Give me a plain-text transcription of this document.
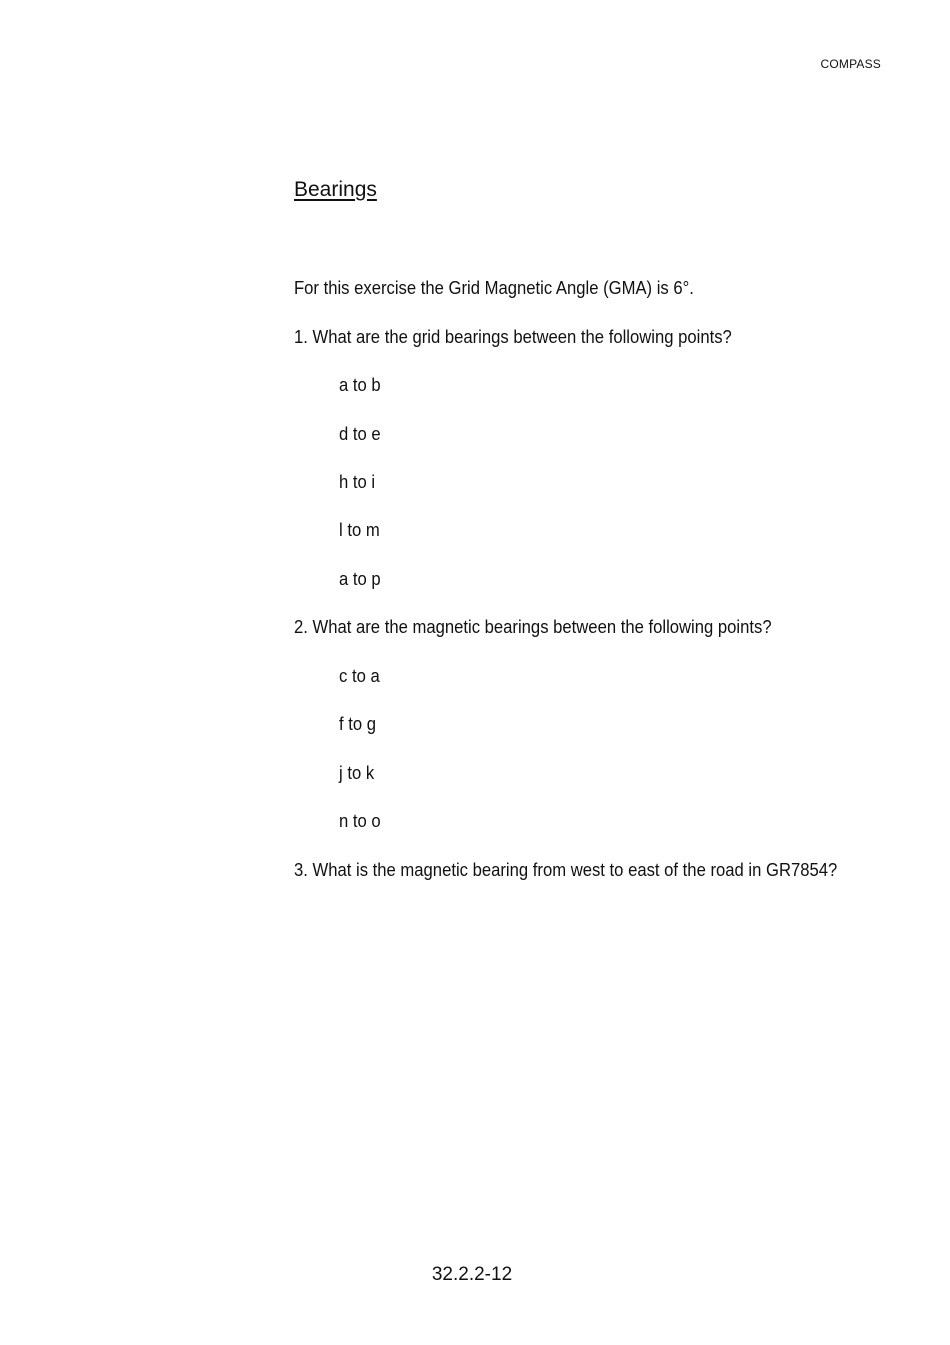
COMPASS
Bearings
For this exercise the Grid Magnetic Angle (GMA) is 6°.
1. What are the grid bearings between the following points?
a to b
d to e
h to i
l to m
a to p
2. What are the magnetic bearings between the following points?
c to a
f to g
j to k
n to o
3. What is the magnetic bearing from west to east of the road in GR7854?
32.2.2-12
